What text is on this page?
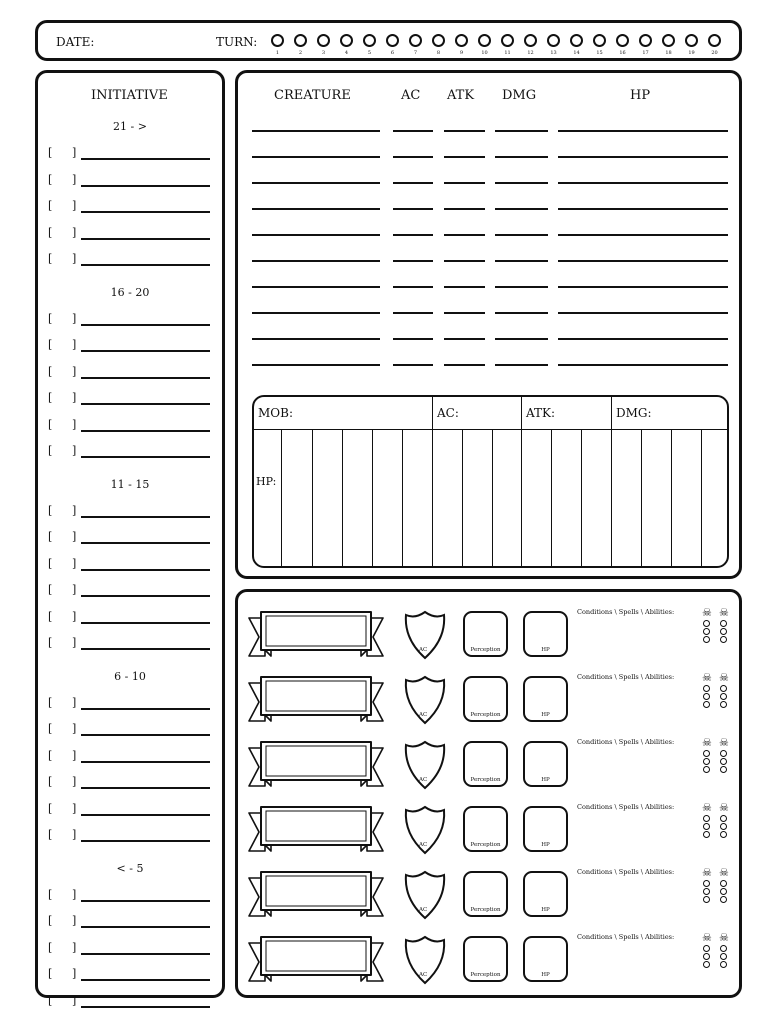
DATE:	TURN:
1	2	3	4	5	6	7	8	9	10	11	12	13	14	15	16	17	18	19	20
INITIATIVE
21 - >
[ ]
[ ]
[ ]
[ ]
[ ]
16 - 20
[ ]
[ ]
[ ]
[ ]
[ ]
[ ]
11 - 15
[ ]
[ ]
[ ]
[ ]
[ ]
[ ]
6 - 10
[ ]
[ ]
[ ]
[ ]
[ ]
[ ]
< - 5
[ ]
[ ]
[ ]
[ ]
[ ]
CREATURE	AC ATK DMG	HP
MOB:	AC:	ATK:	DMG:
HP:
AC	Perception	HP
Conditions \ Spells \ Abilities:	☠ ☠
AC	Perception	HP
Conditions \ Spells \ Abilities:	☠ ☠
AC	Perception	HP
Conditions \ Spells \ Abilities:	☠ ☠
AC	Perception	HP
Conditions \ Spells \ Abilities:	☠ ☠
AC	Perception	HP
Conditions \ Spells \ Abilities:	☠ ☠
AC	Perception	HP
Conditions \ Spells \ Abilities:	☠ ☠
